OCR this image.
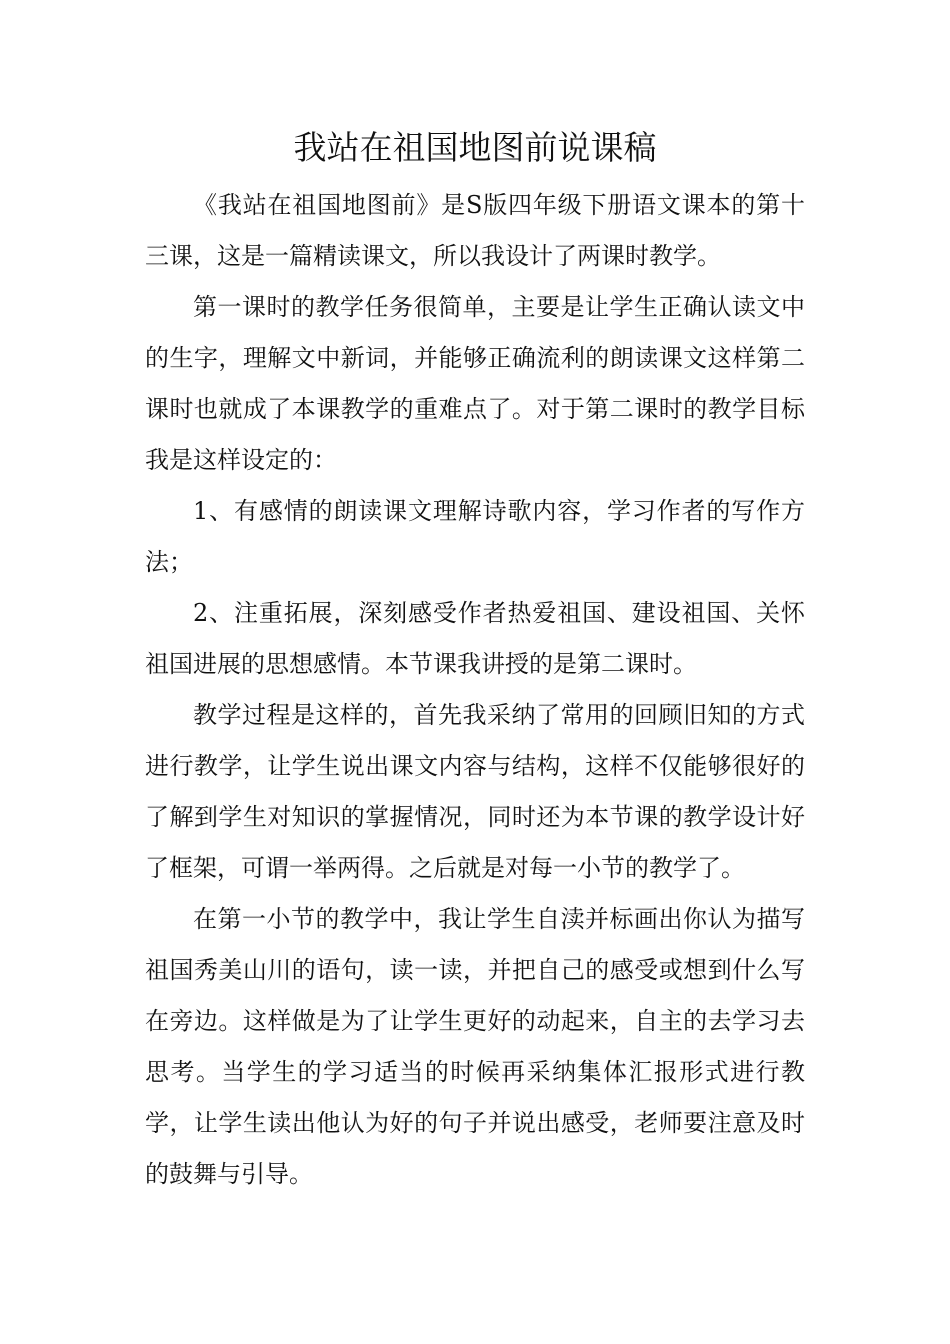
我站在祖国地图前说课稿

《我站在祖国地图前》是S版四年级下册语文课本的第十三课，这是一篇精读课文，所以我设计了两课时教学。

第一课时的教学任务很简单，主要是让学生正确认读文中的生字，理解文中新词，并能够正确流利的朗读课文这样第二课时也就成了本课教学的重难点了。对于第二课时的教学目标我是这样设定的：

1、有感情的朗读课文理解诗歌内容，学习作者的写作方法；

2、注重拓展，深刻感受作者热爱祖国、建设祖国、关怀祖国进展的思想感情。本节课我讲授的是第二课时。

教学过程是这样的，首先我采纳了常用的回顾旧知的方式进行教学，让学生说出课文内容与结构，这样不仅能够很好的了解到学生对知识的掌握情况，同时还为本节课的教学设计好了框架，可谓一举两得。之后就是对每一小节的教学了。

在第一小节的教学中，我让学生自渎并标画出你认为描写祖国秀美山川的语句，读一读，并把自己的感受或想到什么写在旁边。这样做是为了让学生更好的动起来，自主的去学习去思考。当学生的学习适当的时候再采纳集体汇报形式进行教学，让学生读出他认为好的句子并说出感受，老师要注意及时的鼓舞与引导。
